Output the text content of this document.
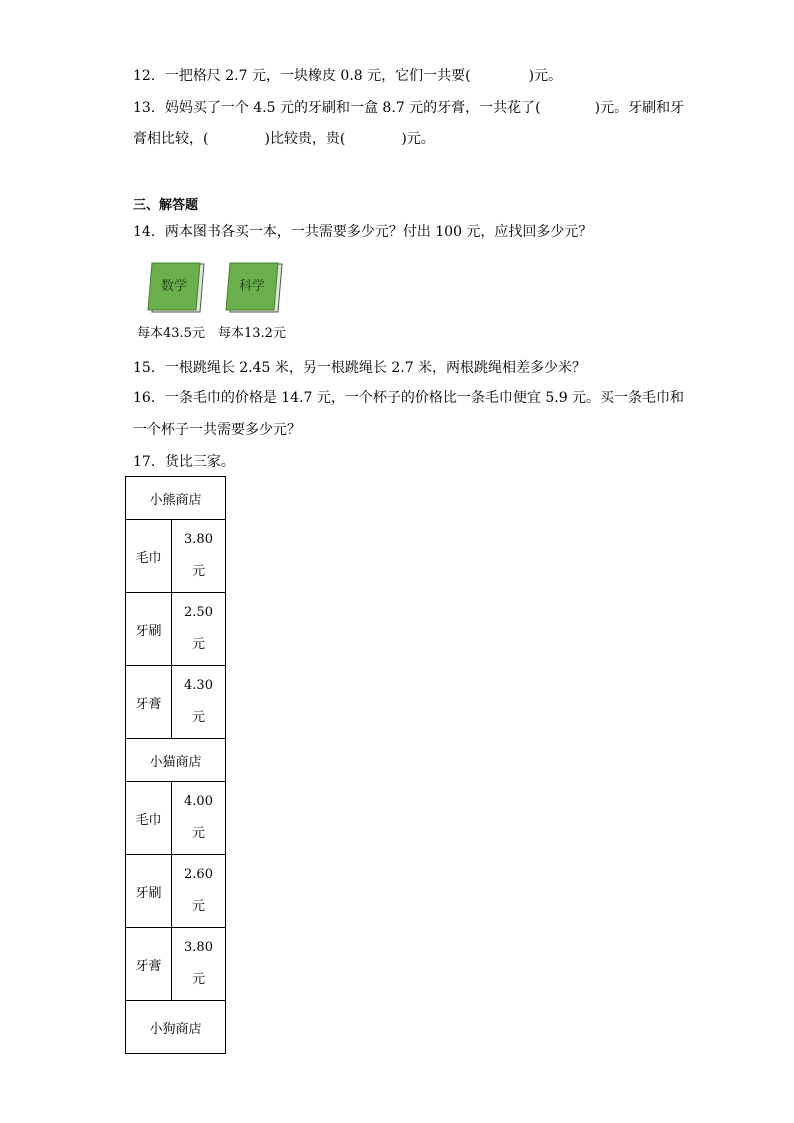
12．一把格尺 2.7 元，一块橡皮 0.8 元，它们一共要(	)元。
13．妈妈买了一个 4.5 元的牙刷和一盒 8.7 元的牙膏，一共花了(	)元。牙刷和牙
膏相比较，(	)比较贵，贵(	)元。
三、解答题
14．两本图书各买一本，一共需要多少元？付出 100 元，应找回多少元？
数学	科学
每本43.5元 每本13.2元
15．一根跳绳长 2.45 米，另一根跳绳长 2.7 米，两根跳绳相差多少米？
16．一条毛巾的价格是 14.7 元，一个杯子的价格比一条毛巾便宜 5.9 元。买一条毛巾和
一个杯子一共需要多少元？
17．货比三家。
小熊商店	
毛巾	3.80
元
牙刷	2.50
元
牙膏	4.30
元
小猫商店	
毛巾	4.00
元
牙刷	2.60
元
牙膏	3.80
元
小狗商店	
